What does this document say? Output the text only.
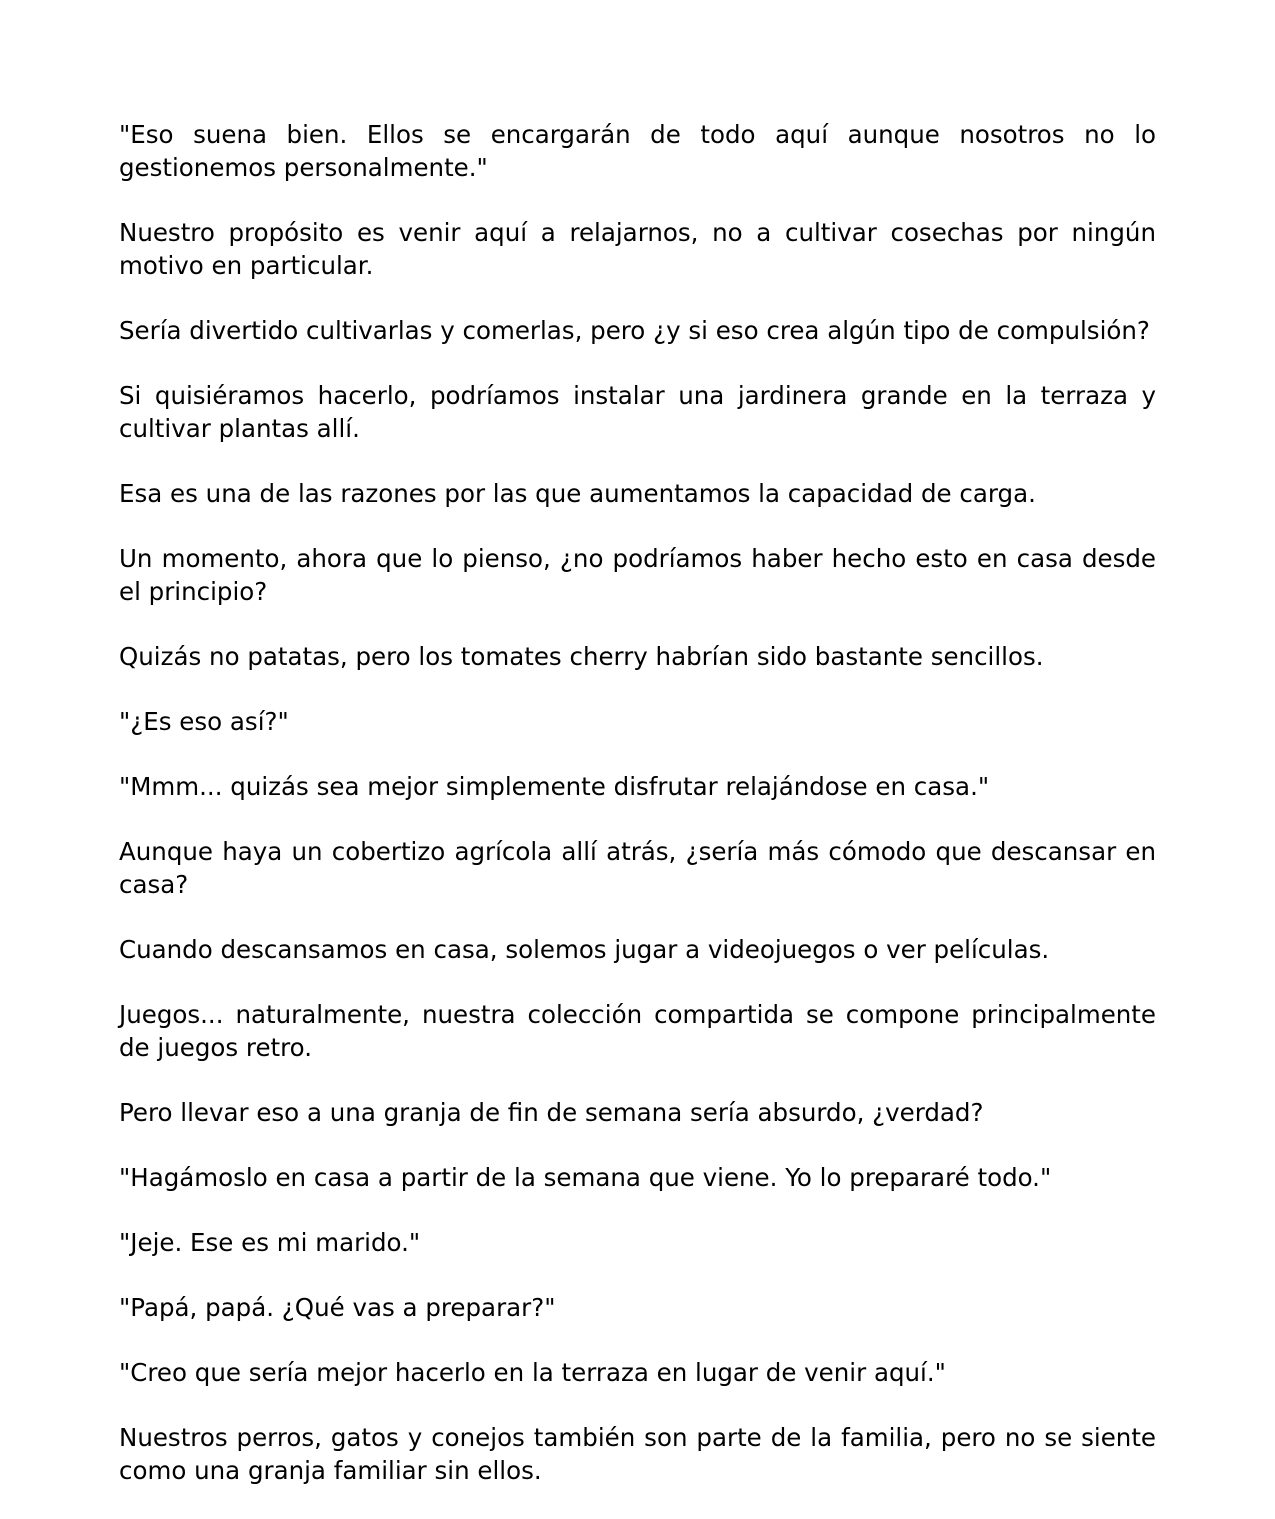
"Eso suena bien. Ellos se encargarán de todo aquí aunque nosotros no lo gestionemos personalmente."

Nuestro propósito es venir aquí a relajarnos, no a cultivar cosechas por ningún motivo en particular.

Sería divertido cultivarlas y comerlas, pero ¿y si eso crea algún tipo de compulsión?

Si quisiéramos hacerlo, podríamos instalar una jardinera grande en la terraza y cultivar plantas allí.

Esa es una de las razones por las que aumentamos la capacidad de carga.

Un momento, ahora que lo pienso, ¿no podríamos haber hecho esto en casa desde el principio?

Quizás no patatas, pero los tomates cherry habrían sido bastante sencillos.

"¿Es eso así?"

"Mmm... quizás sea mejor simplemente disfrutar relajándose en casa."

Aunque haya un cobertizo agrícola allí atrás, ¿sería más cómodo que descansar en casa?

Cuando descansamos en casa, solemos jugar a videojuegos o ver películas.

Juegos... naturalmente, nuestra colección compartida se compone principalmente de juegos retro.

Pero llevar eso a una granja de fin de semana sería absurdo, ¿verdad?

"Hagámoslo en casa a partir de la semana que viene. Yo lo prepararé todo."

"Jeje. Ese es mi marido."

"Papá, papá. ¿Qué vas a preparar?"

"Creo que sería mejor hacerlo en la terraza en lugar de venir aquí."

Nuestros perros, gatos y conejos también son parte de la familia, pero no se siente como una granja familiar sin ellos.
